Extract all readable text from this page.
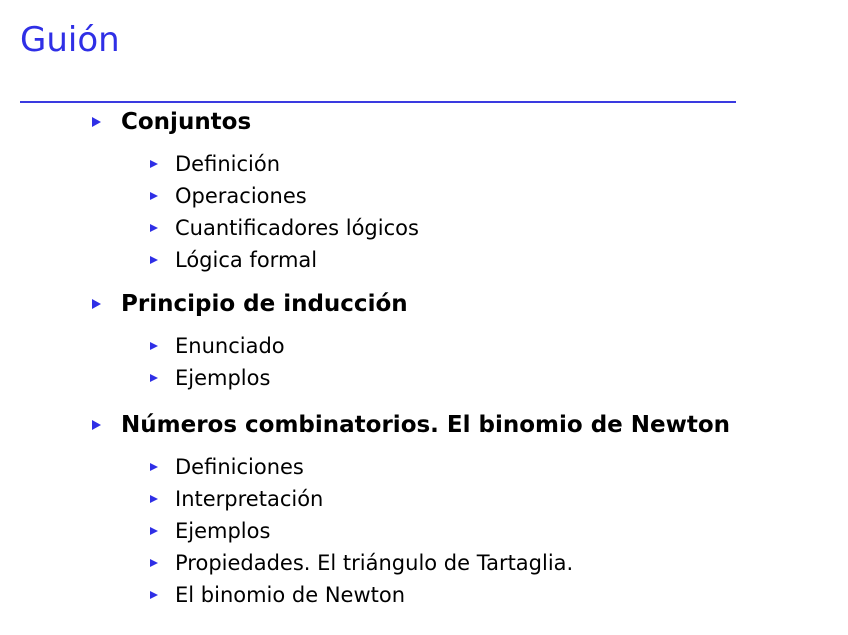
Guión
Conjuntos
Definición
Operaciones
Cuantificadores lógicos
Lógica formal
Principio de inducción
Enunciado
Ejemplos
Números combinatorios. El binomio de Newton
Definiciones
Interpretación
Ejemplos
Propiedades. El triángulo de Tartaglia.
El binomio de Newton
